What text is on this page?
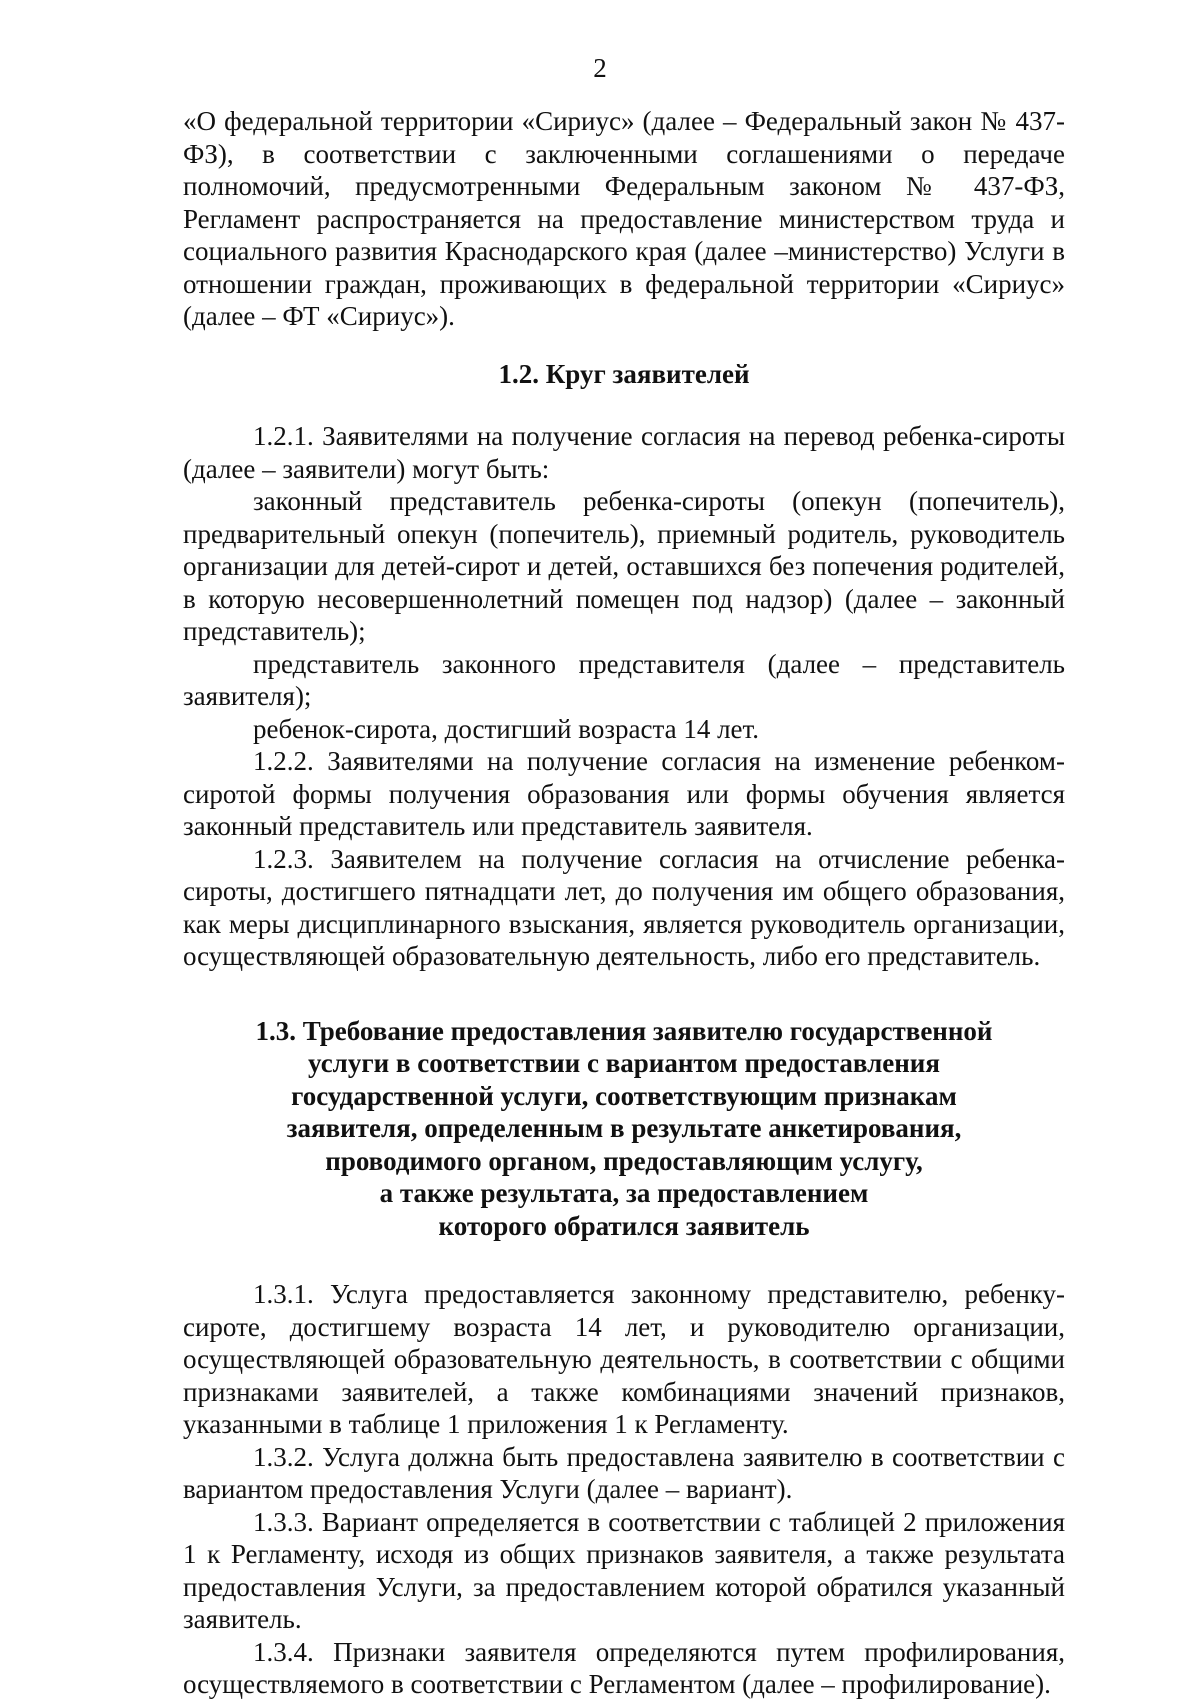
2

«О федеральной территории «Сириус» (далее – Федеральный закон № 437-ФЗ), в соответствии с заключенными соглашениями о передаче полномочий, предусмотренными Федеральным законом № 437-ФЗ, Регламент распространяется на предоставление министерством труда и социального развития Краснодарского края (далее –министерство) Услуги в отношении граждан, проживающих в федеральной территории «Сириус» (далее – ФТ «Сириус»).

1.2. Круг заявителей

1.2.1. Заявителями на получение согласия на перевод ребенка-сироты (далее – заявители) могут быть:

законный представитель ребенка-сироты (опекун (попечитель), предварительный опекун (попечитель), приемный родитель, руководитель организации для детей-сирот и детей, оставшихся без попечения родителей, в которую несовершеннолетний помещен под надзор) (далее – законный представитель);

представитель законного представителя (далее – представитель заявителя);

ребенок-сирота, достигший возраста 14 лет.

1.2.2. Заявителями на получение согласия на изменение ребенком-сиротой формы получения образования или формы обучения является законный представитель или представитель заявителя.

1.2.3. Заявителем на получение согласия на отчисление ребенка-сироты, достигшего пятнадцати лет, до получения им общего образования, как меры дисциплинарного взыскания, является руководитель организации, осуществляющей образовательную деятельность, либо его представитель.

1.3. Требование предоставления заявителю государственной
услуги в соответствии с вариантом предоставления
государственной услуги, соответствующим признакам
заявителя, определенным в результате анкетирования,
проводимого органом, предоставляющим услугу,
а также результата, за предоставлением
которого обратился заявитель

1.3.1. Услуга предоставляется законному представителю, ребенку-сироте, достигшему возраста 14 лет, и руководителю организации, осуществляющей образовательную деятельность, в соответствии с общими признаками заявителей, а также комбинациями значений признаков, указанными в таблице 1 приложения 1 к Регламенту.

1.3.2. Услуга должна быть предоставлена заявителю в соответствии с вариантом предоставления Услуги (далее – вариант).

1.3.3. Вариант определяется в соответствии с таблицей 2 приложения 1 к Регламенту, исходя из общих признаков заявителя, а также результата предоставления Услуги, за предоставлением которой обратился указанный заявитель.

1.3.4. Признаки заявителя определяются путем профилирования, осуществляемого в соответствии с Регламентом (далее – профилирование).
